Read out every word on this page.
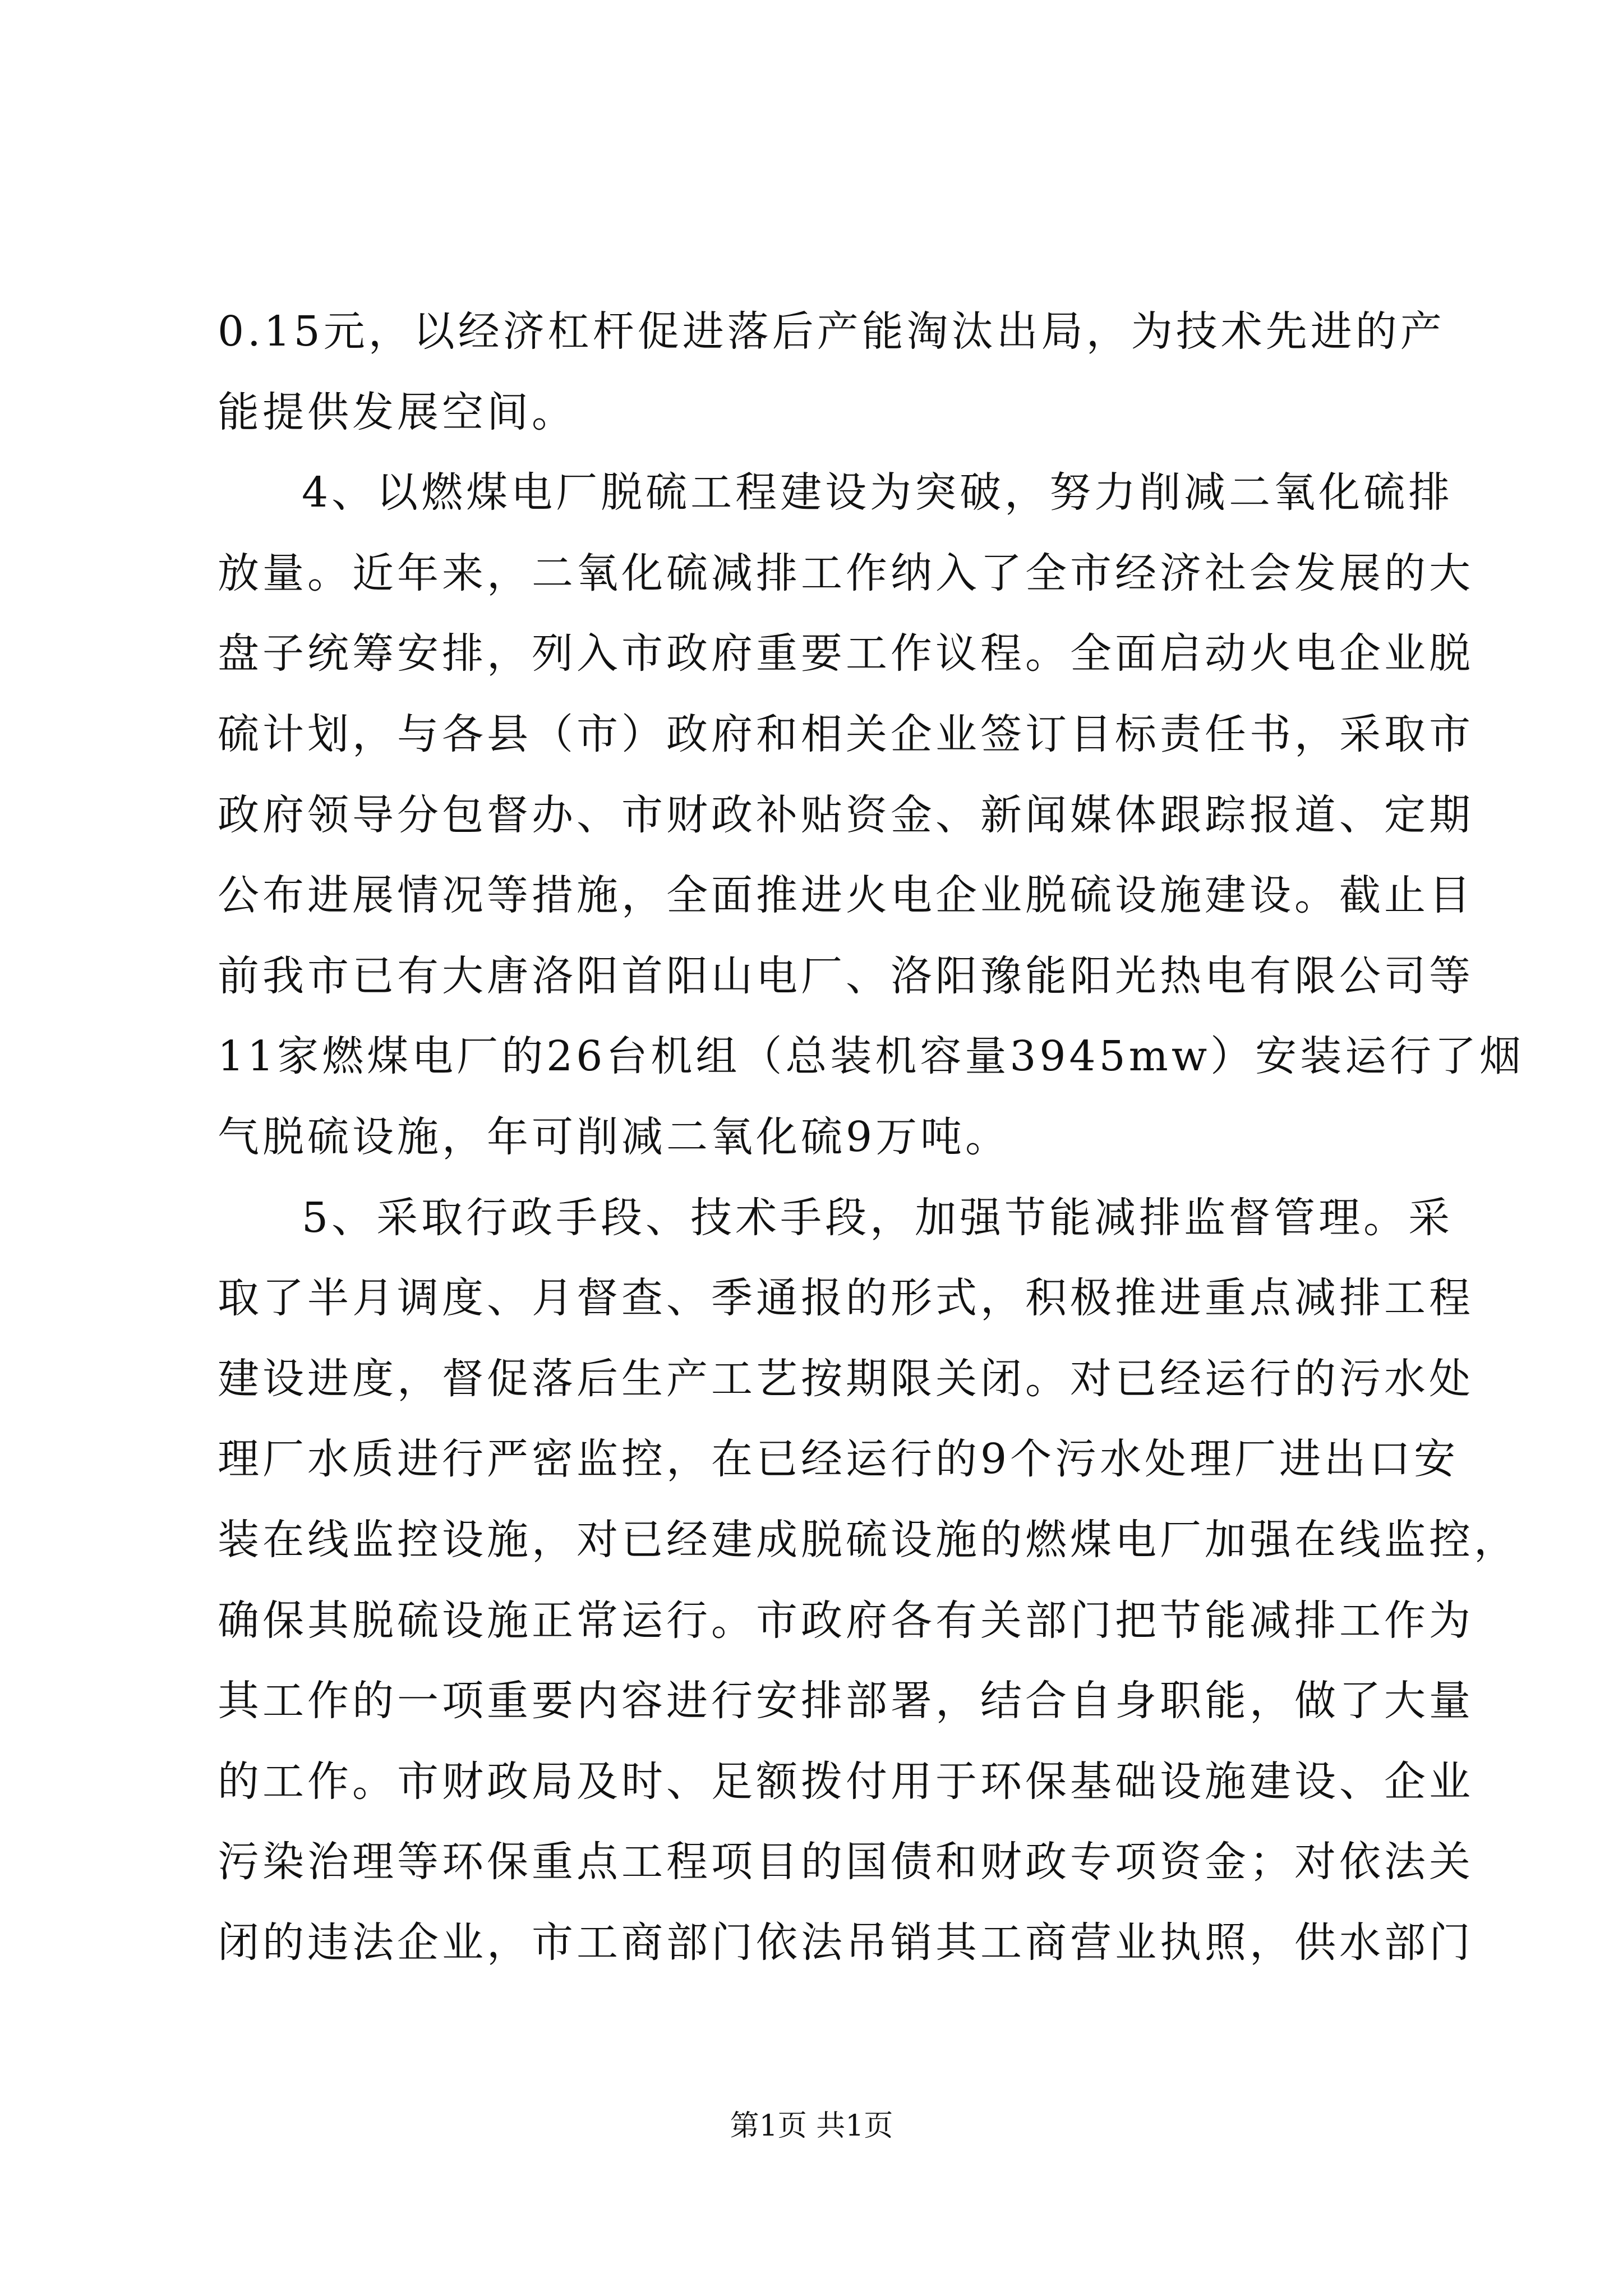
0.15元，以经济杠杆促进落后产能淘汰出局，为技术先进的产
能提供发展空间。
4、以燃煤电厂脱硫工程建设为突破，努力削减二氧化硫排
放量。近年来，二氧化硫减排工作纳入了全市经济社会发展的大
盘子统筹安排，列入市政府重要工作议程。全面启动火电企业脱
硫计划，与各县（市）政府和相关企业签订目标责任书，采取市
政府领导分包督办、市财政补贴资金、新闻媒体跟踪报道、定期
公布进展情况等措施，全面推进火电企业脱硫设施建设。截止目
前我市已有大唐洛阳首阳山电厂、洛阳豫能阳光热电有限公司等
11家燃煤电厂的26台机组（总装机容量3945mw）安装运行了烟
气脱硫设施，年可削减二氧化硫9万吨。
5、采取行政手段、技术手段，加强节能减排监督管理。采
取了半月调度、月督查、季通报的形式，积极推进重点减排工程
建设进度，督促落后生产工艺按期限关闭。对已经运行的污水处
理厂水质进行严密监控，在已经运行的9个污水处理厂进出口安
装在线监控设施，对已经建成脱硫设施的燃煤电厂加强在线监控，
确保其脱硫设施正常运行。市政府各有关部门把节能减排工作为
其工作的一项重要内容进行安排部署，结合自身职能，做了大量
的工作。市财政局及时、足额拨付用于环保基础设施建设、企业
污染治理等环保重点工程项目的国债和财政专项资金；对依法关
闭的违法企业，市工商部门依法吊销其工商营业执照，供水部门
第1页 共1页
